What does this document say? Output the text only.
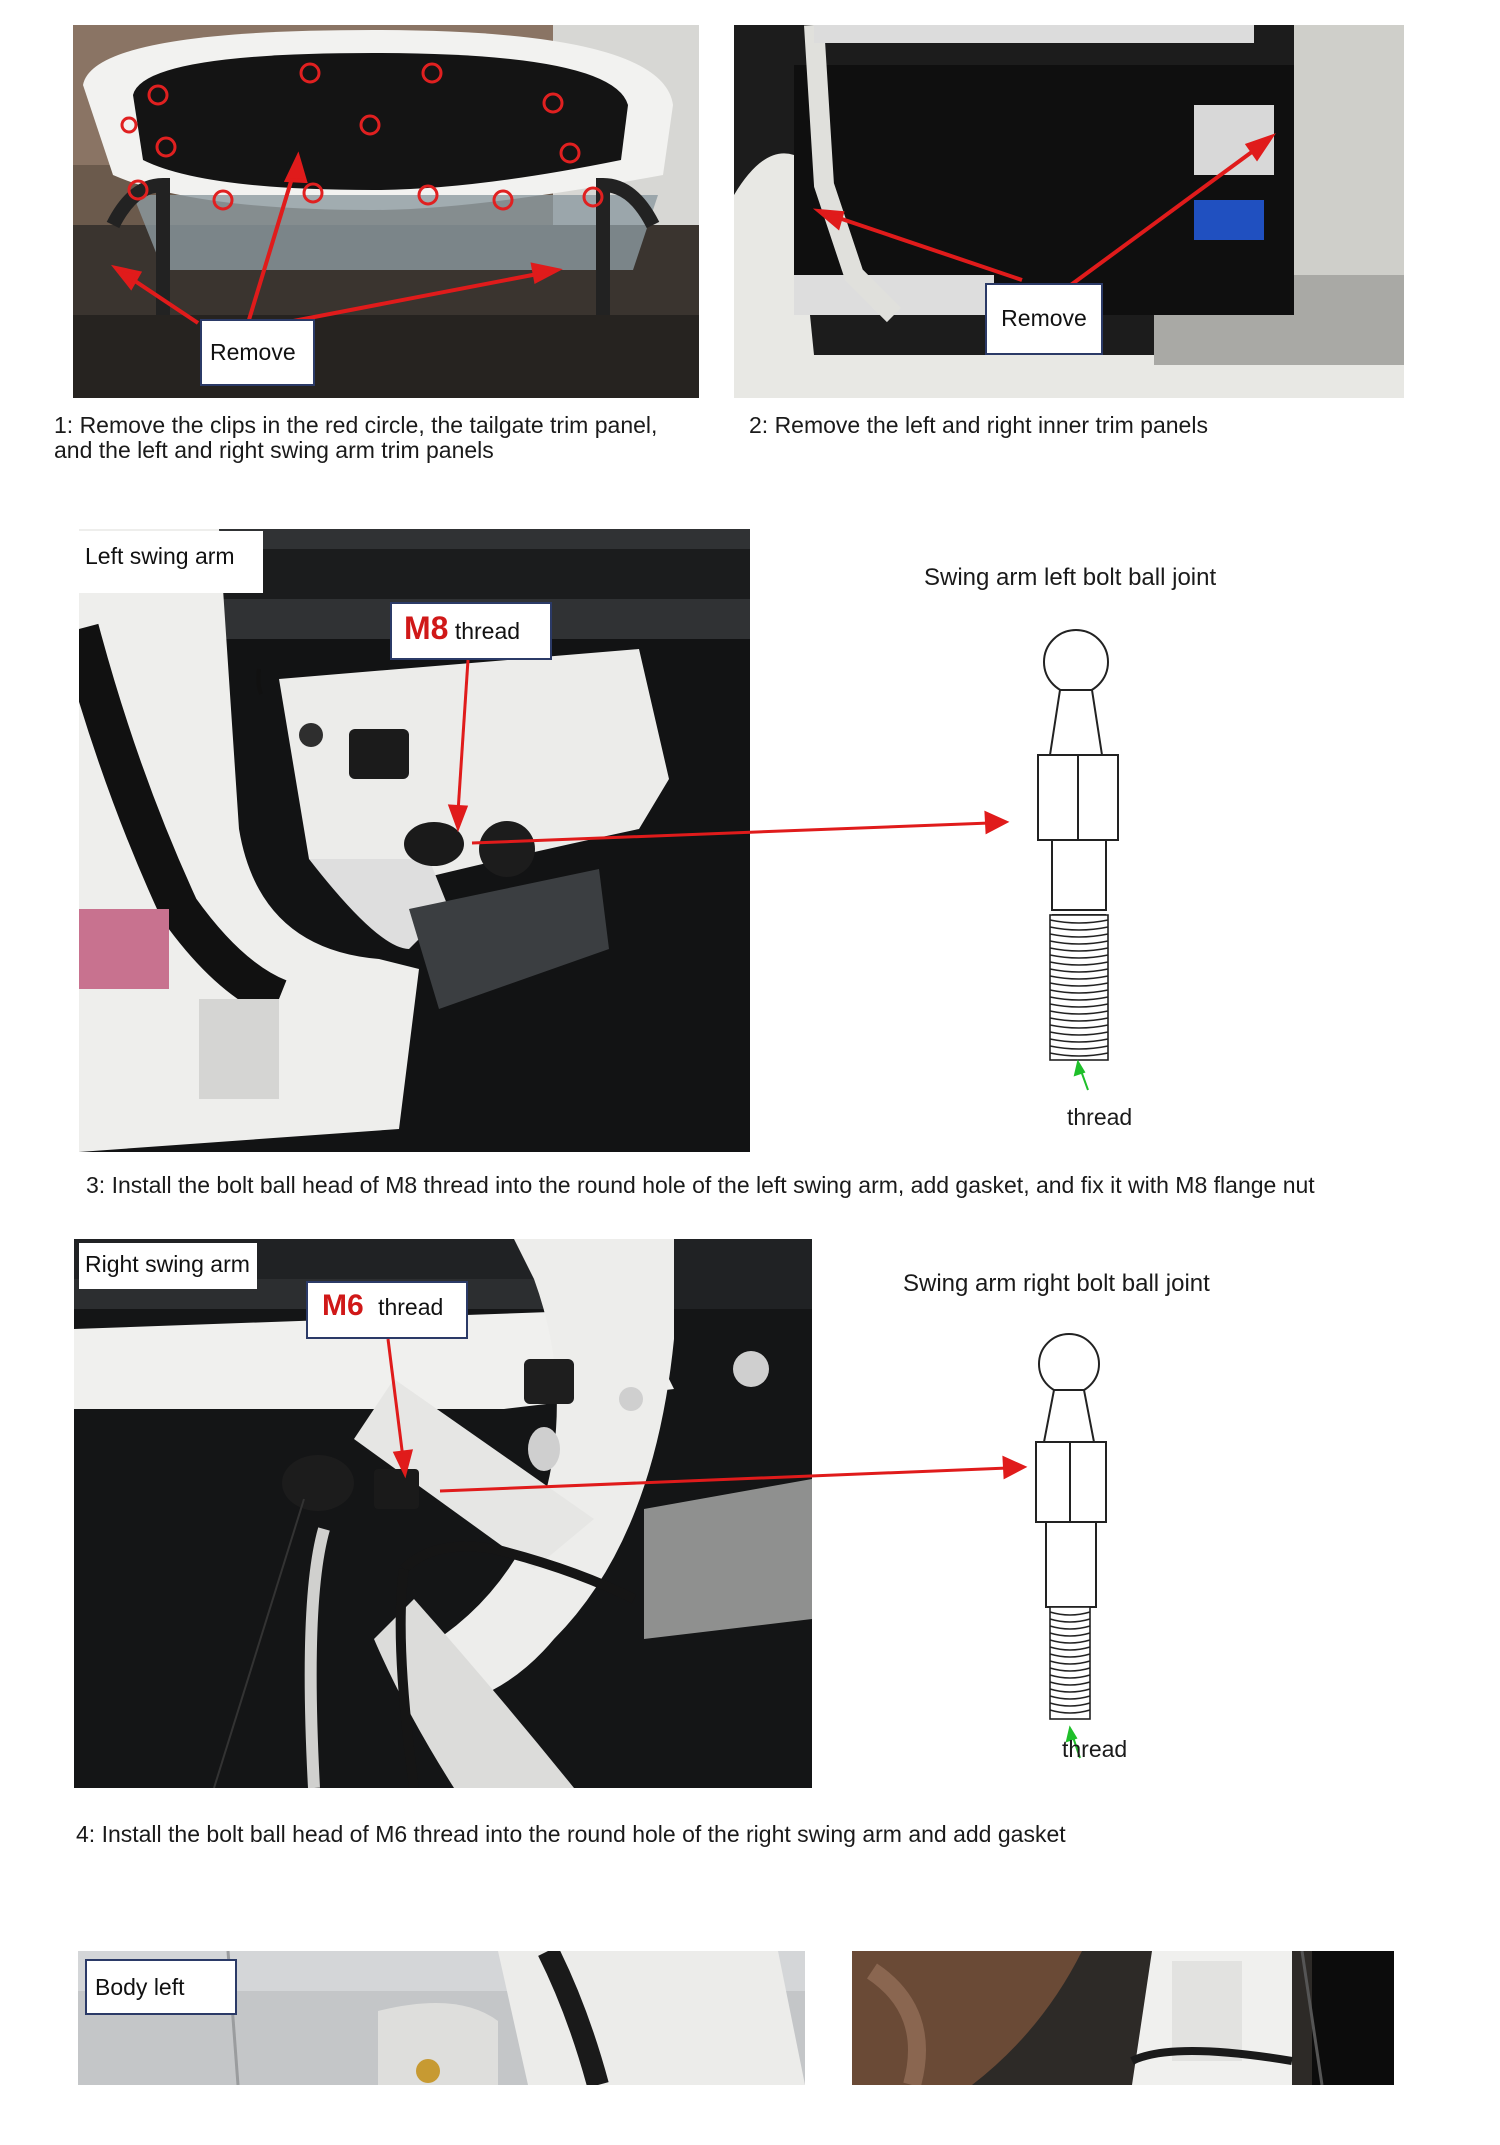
Remove
Remove
1: Remove the clips in the red circle, the tailgate trim panel,
and the left and right swing arm trim panels
2: Remove the left and right inner trim panels
Left swing arm
M8 thread
Swing arm left bolt ball joint
thread
3: Install the bolt ball head of M8 thread into the round hole of the left swing arm, add gasket, and fix it with M8 flange nut
Right swing arm
M6 thread
Swing arm right bolt ball joint
thread
4: Install the bolt ball head of M6 thread into the round hole of the right swing arm and add gasket
Body left
